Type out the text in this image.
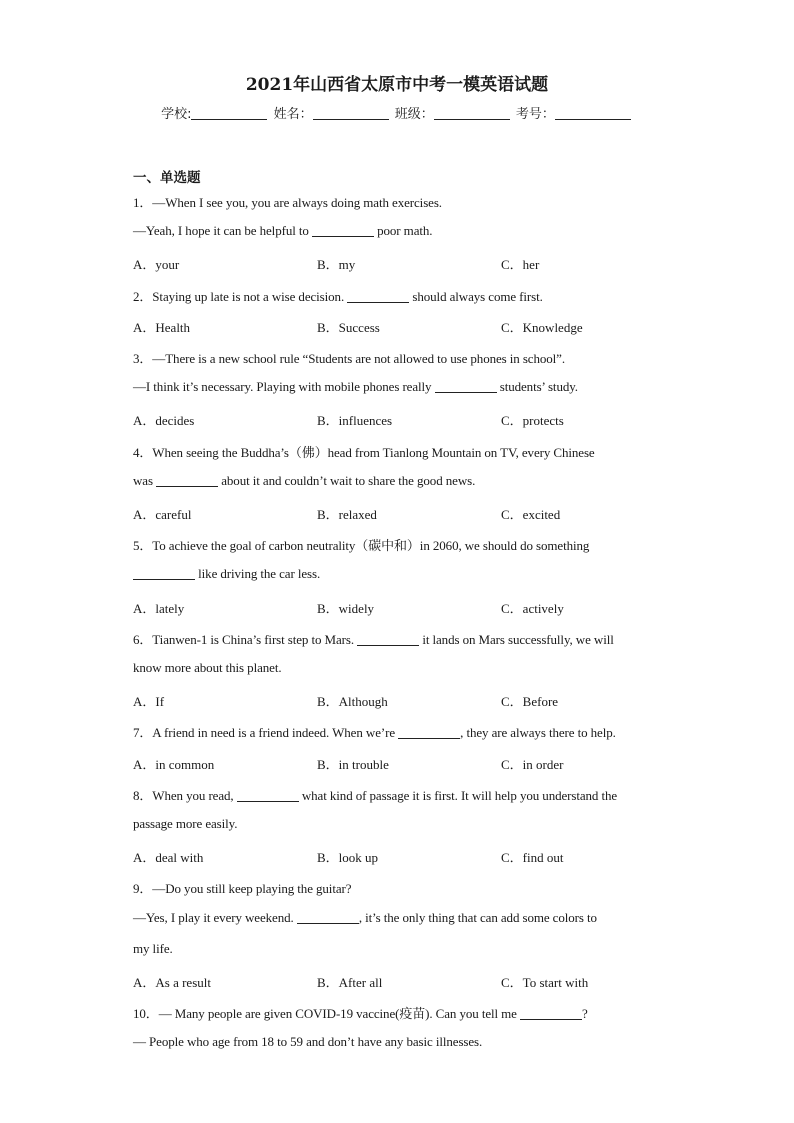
2021年山西省太原市中考一模英语试题
学校:	姓名：	班级：	考号：
一、单选题
1．—When I see you, you are always doing math exercises.
—Yeah, I hope it can be helpful to	poor math.
A．your	B．my	C．her
2．Staying up late is not a wise decision.	should always come first.
A．Health	B．Success	C．Knowledge
3．—There is a new school rule “Students are not allowed to use phones in school”.
—I think it’s necessary. Playing with mobile phones really	students’ study.
A．decides	B．influences	C．protects
4．When seeing the Buddha’s（佛）head from Tianlong Mountain on TV, every Chinese
was	about it and couldn’t wait to share the good news.
A．careful	B．relaxed	C．excited
5．To achieve the goal of carbon neutrality（碳中和）in 2060, we should do something
like driving the car less.
A．lately	B．widely	C．actively
6．Tianwen-1 is China’s first step to Mars.	it lands on Mars successfully, we will
know more about this planet.
A．If	B．Although	C．Before
7．A friend in need is a friend indeed. When we’re	, they are always there to help.
A．in common	B．in trouble	C．in order
8．When you read,	what kind of passage it is first. It will help you understand the
passage more easily.
A．deal with	B．look up	C．find out
9．—Do you still keep playing the guitar?
—Yes, I play it every weekend.	, it’s the only thing that can add some colors to
my life.
A．As a result	B．After all	C．To start with
10．— Many people are given COVID-19 vaccine(疫苗). Can you tell me	?
— People who age from 18 to 59 and don’t have any basic illnesses.
